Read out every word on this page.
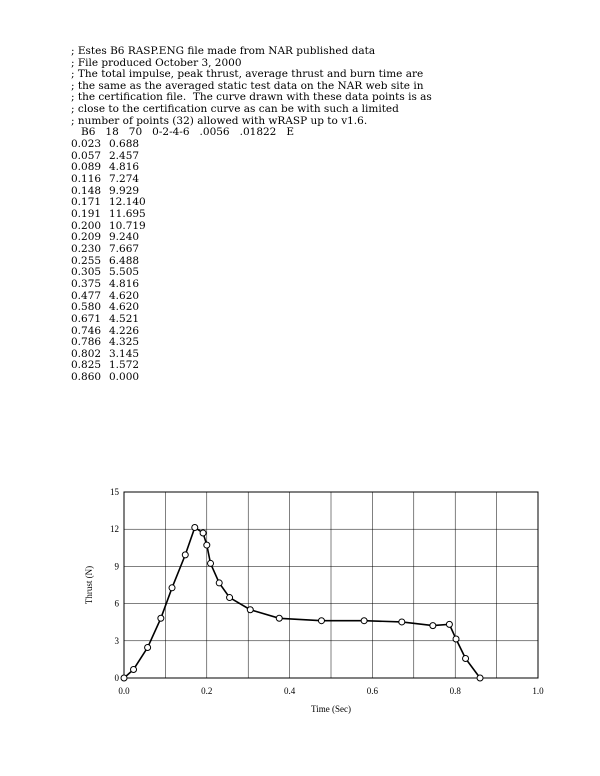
; Estes B6 RASP.ENG file made from NAR published data
; File produced October 3, 2000
; The total impulse, peak thrust, average thrust and burn time are
; the same as the averaged static test data on the NAR web site in
; the certification file.  The curve drawn with these data points is as
; close to the certification curve as can be with such a limited
; number of points (32) allowed with wRASP up to v1.6.
B6   18   70   0-2-4-6   .0056   .01822   E
0.023 0.688
0.057 2.457
0.089 4.816
0.116 7.274
0.148 9.929
0.171 12.140
0.191 11.695
0.200 10.719
0.209 9.240
0.230 7.667
0.255 6.488
0.305 5.505
0.375 4.816
0.477 4.620
0.580 4.620
0.671 4.521
0.746 4.226
0.786 4.325
0.802 3.145
0.825 1.572
0.860 0.000
0.0	0.2	0.4	0.6	0.8	1.0
0
3
6
9
12
15
Time (Sec)
Thrust (N)
